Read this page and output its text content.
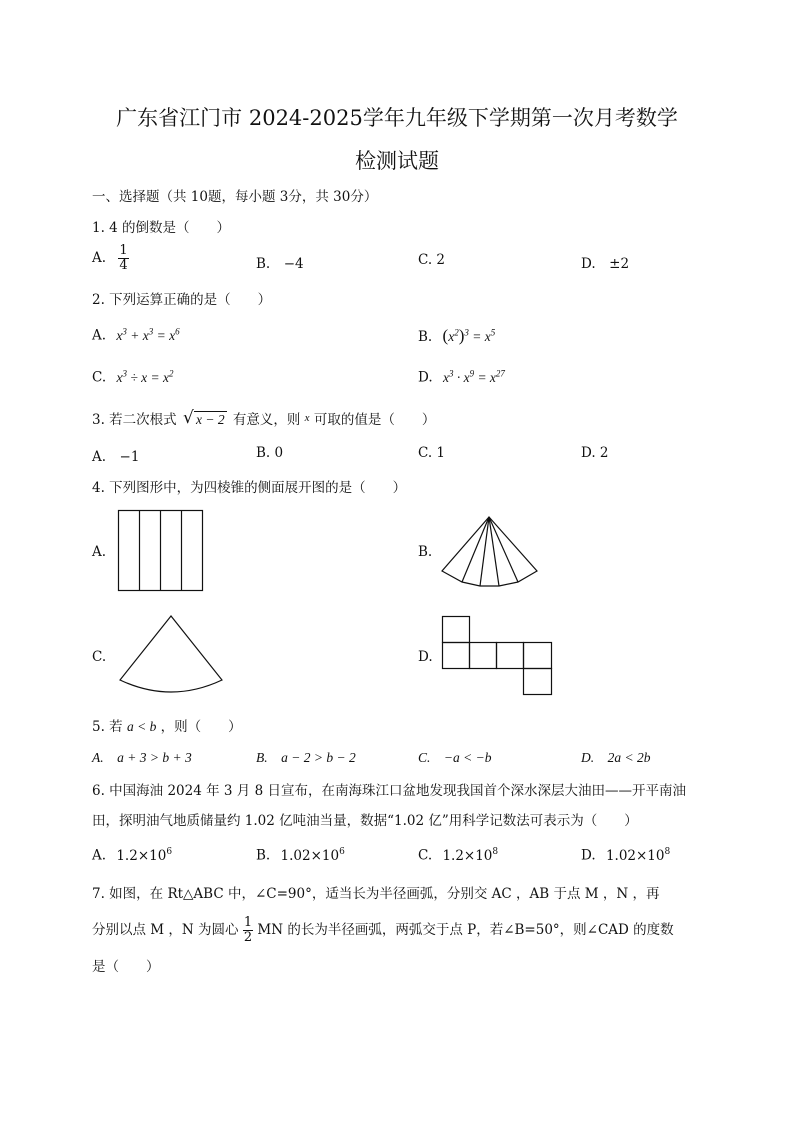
广东省江门市 2024-2025学年九年级下学期第一次月考数学
检测试题
一、选择题（共 10题，每小题 3分，共 30分）
1. 4 的倒数是（　　）
A. $\frac{1}{4}$	B.　−4	C. 2	D.　±2
2. 下列运算正确的是（　　）
A. $x^3 + x^3 = x^6$	B. $(x^2)^3 = x^5$
C. $x^3 \div x = x^2$	D. $x^3 \cdot x^9 = x^{27}$
3. 若二次根式 √ x − 2 有意义，则 $^x$ 可取的值是（　　）
A.　−1	B. 0	C. 1	D. 2
4. 下列图形中，为四棱锥的侧面展开图的是（　　）
A.	B.
C.	D.
5. 若 a < b ，则（　　）
A.　a + 3 > b + 3	B.　a − 2 > b − 2	C.　−a < −b	D.　2a < 2b
6. 中国海油 2024 年 3 月 8 日宣布，在南海珠江口盆地发现我国首个深水深层大油田——开平南油
田，探明油气地质储量约 1.02 亿吨油当量，数据“1.02 亿”用科学记数法可表示为（　　）
A. $1.2\times 10^6$	B. $1.02\times 10^6$	C. $1.2\times 10^8$	D. $1.02\times 10^8$
7. 如图，在 Rt△ABC 中，∠C=90°，适当长为半径画弧，分别交 AC ，AB 于点 M ，N ，再
分别以点 M ，N 为圆心 $\frac{1}{2}$ MN 的长为半径画弧，两弧交于点 P，若∠B=50°，则∠CAD 的度数
是（　　）
